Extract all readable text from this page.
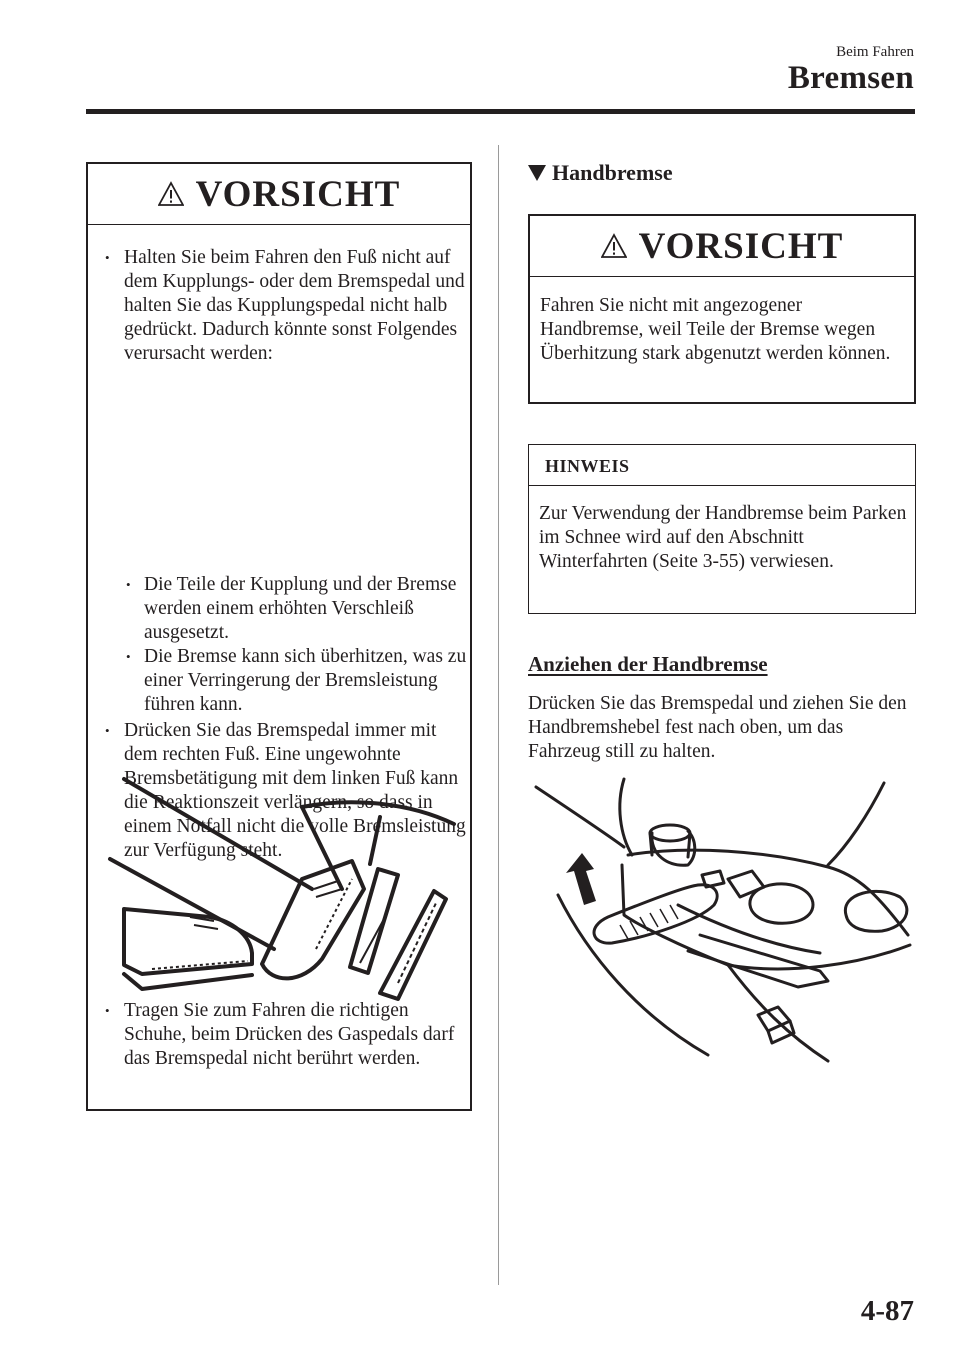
Beim Fahren
Bremsen
VORSICHT
• Halten Sie beim Fahren den Fuß nicht auf dem Kupplungs- oder dem Bremspedal und halten Sie das Kupplungspedal nicht halb gedrückt. Dadurch könnte sonst Folgendes verursacht werden:
• Die Teile der Kupplung und der Bremse werden einem erhöhten Verschleiß ausgesetzt.
• Die Bremse kann sich überhitzen, was zu einer Verringerung der Bremsleistung führen kann.
• Drücken Sie das Bremspedal immer mit dem rechten Fuß. Eine ungewohnte Bremsbetätigung mit dem linken Fuß kann die Reaktionszeit verlängern, so dass in einem Notfall nicht die volle Bremsleistung zur Verfügung steht.
• Tragen Sie zum Fahren die richtigen Schuhe, beim Drücken des Gaspedals darf das Bremspedal nicht berührt werden.
Handbremse
VORSICHT
Fahren Sie nicht mit angezogener Handbremse, weil Teile der Bremse wegen Überhitzung stark abgenutzt werden können.
HINWEIS
Zur Verwendung der Handbremse beim Parken im Schnee wird auf den Abschnitt Winterfahrten (Seite 3-55) verwiesen.
Anziehen der Handbremse
Drücken Sie das Bremspedal und ziehen Sie den Handbremshebel fest nach oben, um das Fahrzeug still zu halten.
4-87
